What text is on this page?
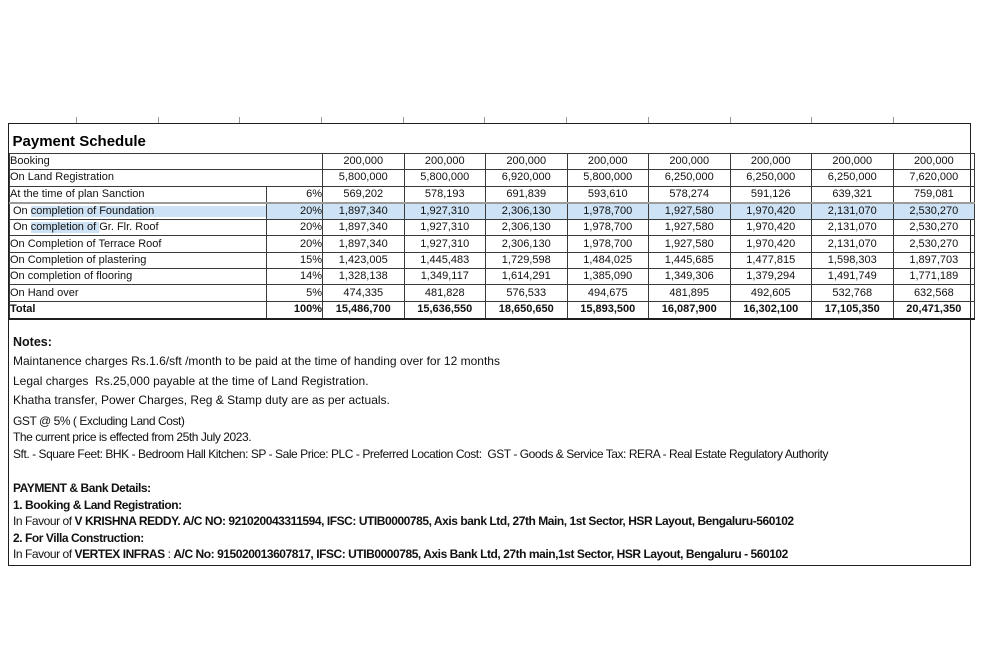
Payment Schedule									
Booking		200,000	200,000	200,000	200,000	200,000	200,000	200,000	200,000
On Land Registration		5,800,000	5,800,000	6,920,000	5,800,000	6,250,000	6,250,000	6,250,000	7,620,000
At the time of plan Sanction	6%	569,202	578,193	691,839	593,610	578,274	591,126	639,321	759,081

On completion of Foundation	20%	1,897,340	1,927,310	2,306,130	1,978,700	1,927,580	1,970,420	2,131,070	2,530,270

On completion of Gr. Flr. Roof	20%	1,897,340	1,927,310	2,306,130	1,978,700	1,927,580	1,970,420	2,131,070	2,530,270
On Completion of Terrace Roof	20%	1,897,340	1,927,310	2,306,130	1,978,700	1,927,580	1,970,420	2,131,070	2,530,270
On Completion of plastering	15%	1,423,005	1,445,483	1,729,598	1,484,025	1,445,685	1,477,815	1,598,303	1,897,703
On completion of flooring	14%	1,328,138	1,349,117	1,614,291	1,385,090	1,349,306	1,379,294	1,491,749	1,771,189
On Hand over	5%	474,335	481,828	576,533	494,675	481,895	492,605	532,768	632,568
Total	100%	15,486,700	15,636,550	18,650,650	15,893,500	16,087,900	16,302,100	17,105,350	20,471,350
Notes:
Maintanence charges Rs.1.6/sft /month to be paid at the time of handing over for 12 months
Legal charges  Rs.25,000 payable at the time of Land Registration.
Khatha transfer, Power Charges, Reg & Stamp duty are as per actuals.
GST @ 5% ( Excluding Land Cost)
The current price is effected from 25th July 2023.
Sft. - Square Feet: BHK - Bedroom Hall Kitchen: SP - Sale Price: PLC - Preferred Location Cost:  GST - Goods & Service Tax: RERA - Real Estate Regulatory Authority
PAYMENT & Bank Details:
1. Booking & Land Registration:
In Favour of V KRISHNA REDDY. A/C NO: 921020043311594, IFSC: UTIB0000785, Axis bank Ltd, 27th Main, 1st Sector, HSR Layout, Bengaluru-560102
2. For Villa Construction:
In Favour of VERTEX INFRAS : A/C No: 915020013607817, IFSC: UTIB0000785, Axis Bank Ltd, 27th main,1st Sector, HSR Layout, Bengaluru - 560102
